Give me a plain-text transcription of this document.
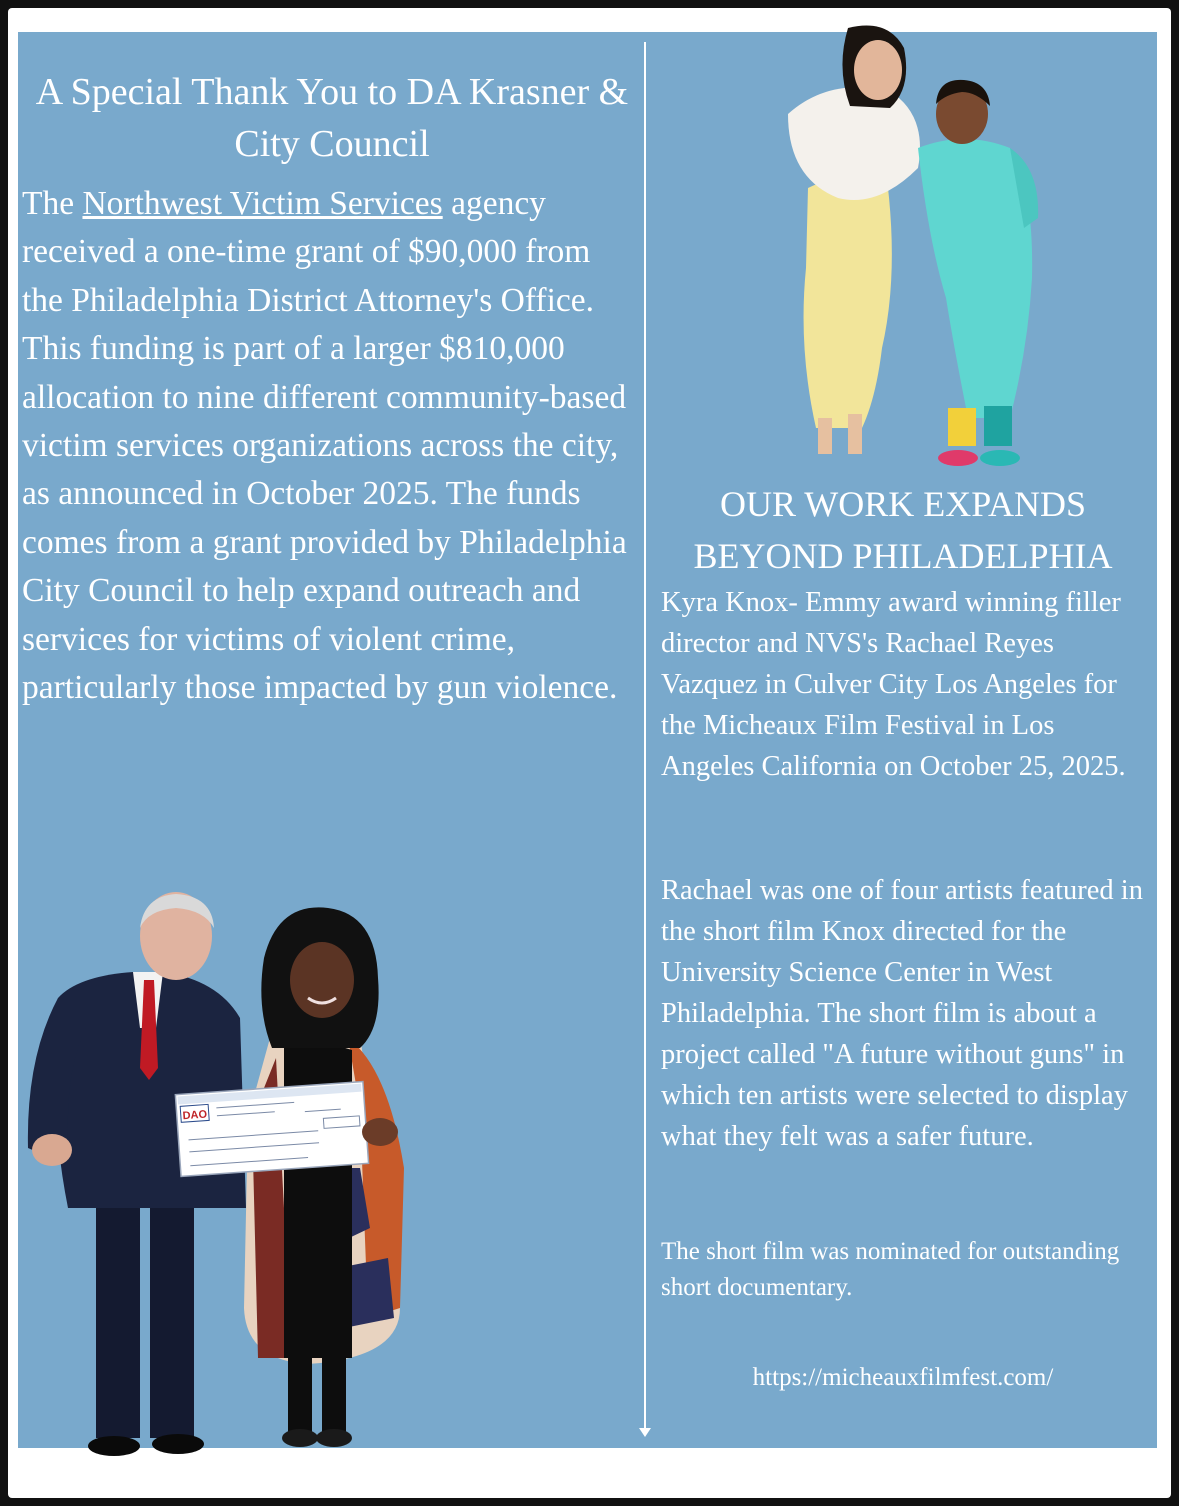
A Special Thank You to DA Krasner & City Council

The Northwest Victim Services agency received a one-time grant of $90,000 from the Philadelphia District Attorney's Office. This funding is part of a larger $810,000 allocation to nine different community-based victim services organizations across the city, as announced in October 2025. The funds comes from a grant provided by Philadelphia City Council to help expand outreach and services for victims of violent crime, particularly those impacted by gun violence.

DAO
OUR WORK EXPANDS BEYOND PHILADELPHIA

Kyra Knox- Emmy award winning filler director and NVS's Rachael Reyes Vazquez in Culver City Los Angeles for the Micheaux Film Festival in Los Angeles California on October 25, 2025.

Rachael was one of four artists featured in the short film Knox directed for the University Science Center in West Philadelphia. The short film is about a project called "A future without guns" in which ten artists were selected to display what they felt was a safer future.

The short film was nominated for outstanding short documentary.

https://micheauxfilmfest.com/
